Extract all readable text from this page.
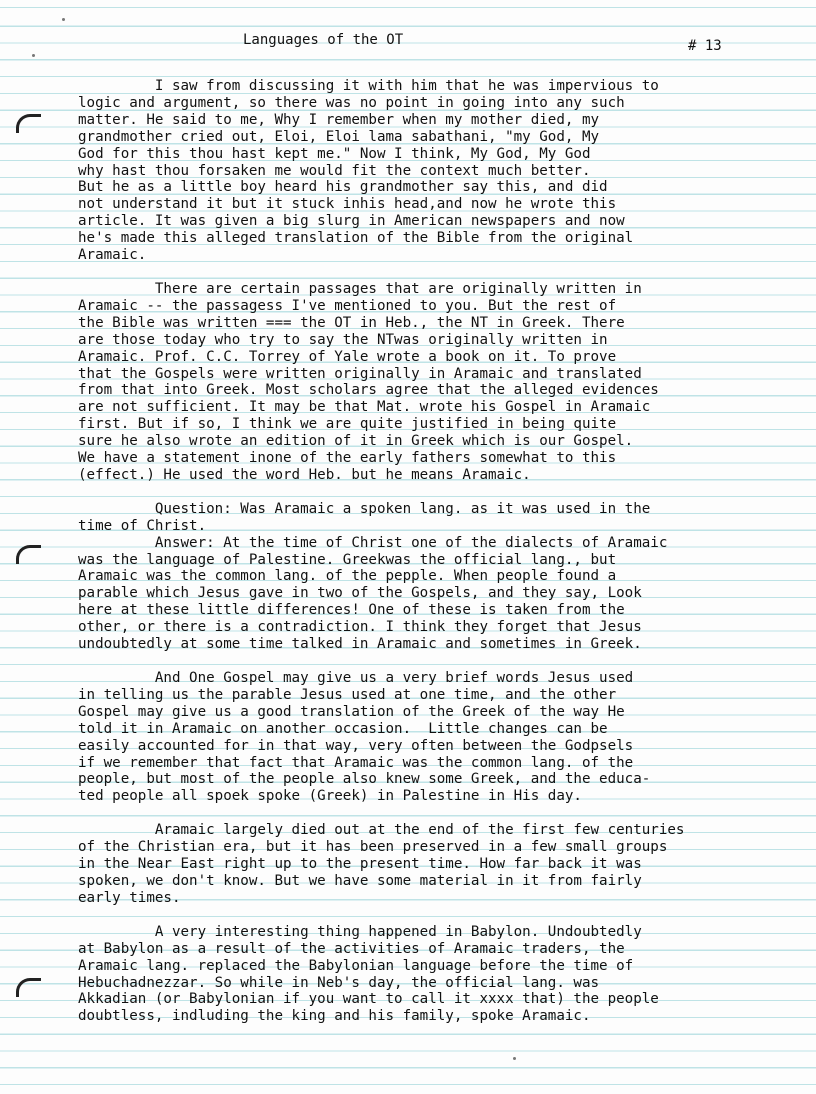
Languages of the OT	# 13
I saw from discussing it with him that he was impervious to
logic and argument, so there was no point in going into any such
matter. He said to me, Why I remember when my mother died, my
grandmother cried out, Eloi, Eloi lama sabathani, "my God, My
God for this thou hast kept me." Now I think, My God, My God
why hast thou forsaken me would fit the context much better.
But he as a little boy heard his grandmother say this, and did
not understand it but it stuck inhis head,and now he wrote this
article. It was given a big slurg in American newspapers and now
he's made this alleged translation of the Bible from the original
Aramaic.
There are certain passages that are originally written in
Aramaic -- the passagess I've mentioned to you. But the rest of
the Bible was written === the OT in Heb., the NT in Greek. There
are those today who try to say the NTwas originally written in
Aramaic. Prof. C.C. Torrey of Yale wrote a book on it. To prove
that the Gospels were written originally in Aramaic and translated
from that into Greek. Most scholars agree that the alleged evidences
are not sufficient. It may be that Mat. wrote his Gospel in Aramaic
first. But if so, I think we are quite justified in being quite
sure he also wrote an edition of it in Greek which is our Gospel.
We have a statement inone of the early fathers somewhat to this
(effect.) He used the word Heb. but he means Aramaic.
Question: Was Aramaic a spoken lang. as it was used in the
time of Christ.
Answer: At the time of Christ one of the dialects of Aramaic
was the language of Palestine. Greekwas the official lang., but
Aramaic was the common lang. of the pepple. When people found a
parable which Jesus gave in two of the Gospels, and they say, Look
here at these little differences! One of these is taken from the
other, or there is a contradiction. I think they forget that Jesus
undoubtedly at some time talked in Aramaic and sometimes in Greek.
And One Gospel may give us a very brief words Jesus used
in telling us the parable Jesus used at one time, and the other
Gospel may give us a good translation of the Greek of the way He
told it in Aramaic on another occasion.  Little changes can be
easily accounted for in that way, very often between the Godpsels
if we remember that fact that Aramaic was the common lang. of the
people, but most of the people also knew some Greek, and the educa-
ted people all spoek spoke (Greek) in Palestine in His day.
Aramaic largely died out at the end of the first few centuries
of the Christian era, but it has been preserved in a few small groups
in the Near East right up to the present time. How far back it was
spoken, we don't know. But we have some material in it from fairly
early times.
A very interesting thing happened in Babylon. Undoubtedly
at Babylon as a result of the activities of Aramaic traders, the
Aramaic lang. replaced the Babylonian language before the time of
Hebuchadnezzar. So while in Neb's day, the official lang. was
Akkadian (or Babylonian if you want to call it xxxx that) the people
doubtless, indluding the king and his family, spoke Aramaic.
